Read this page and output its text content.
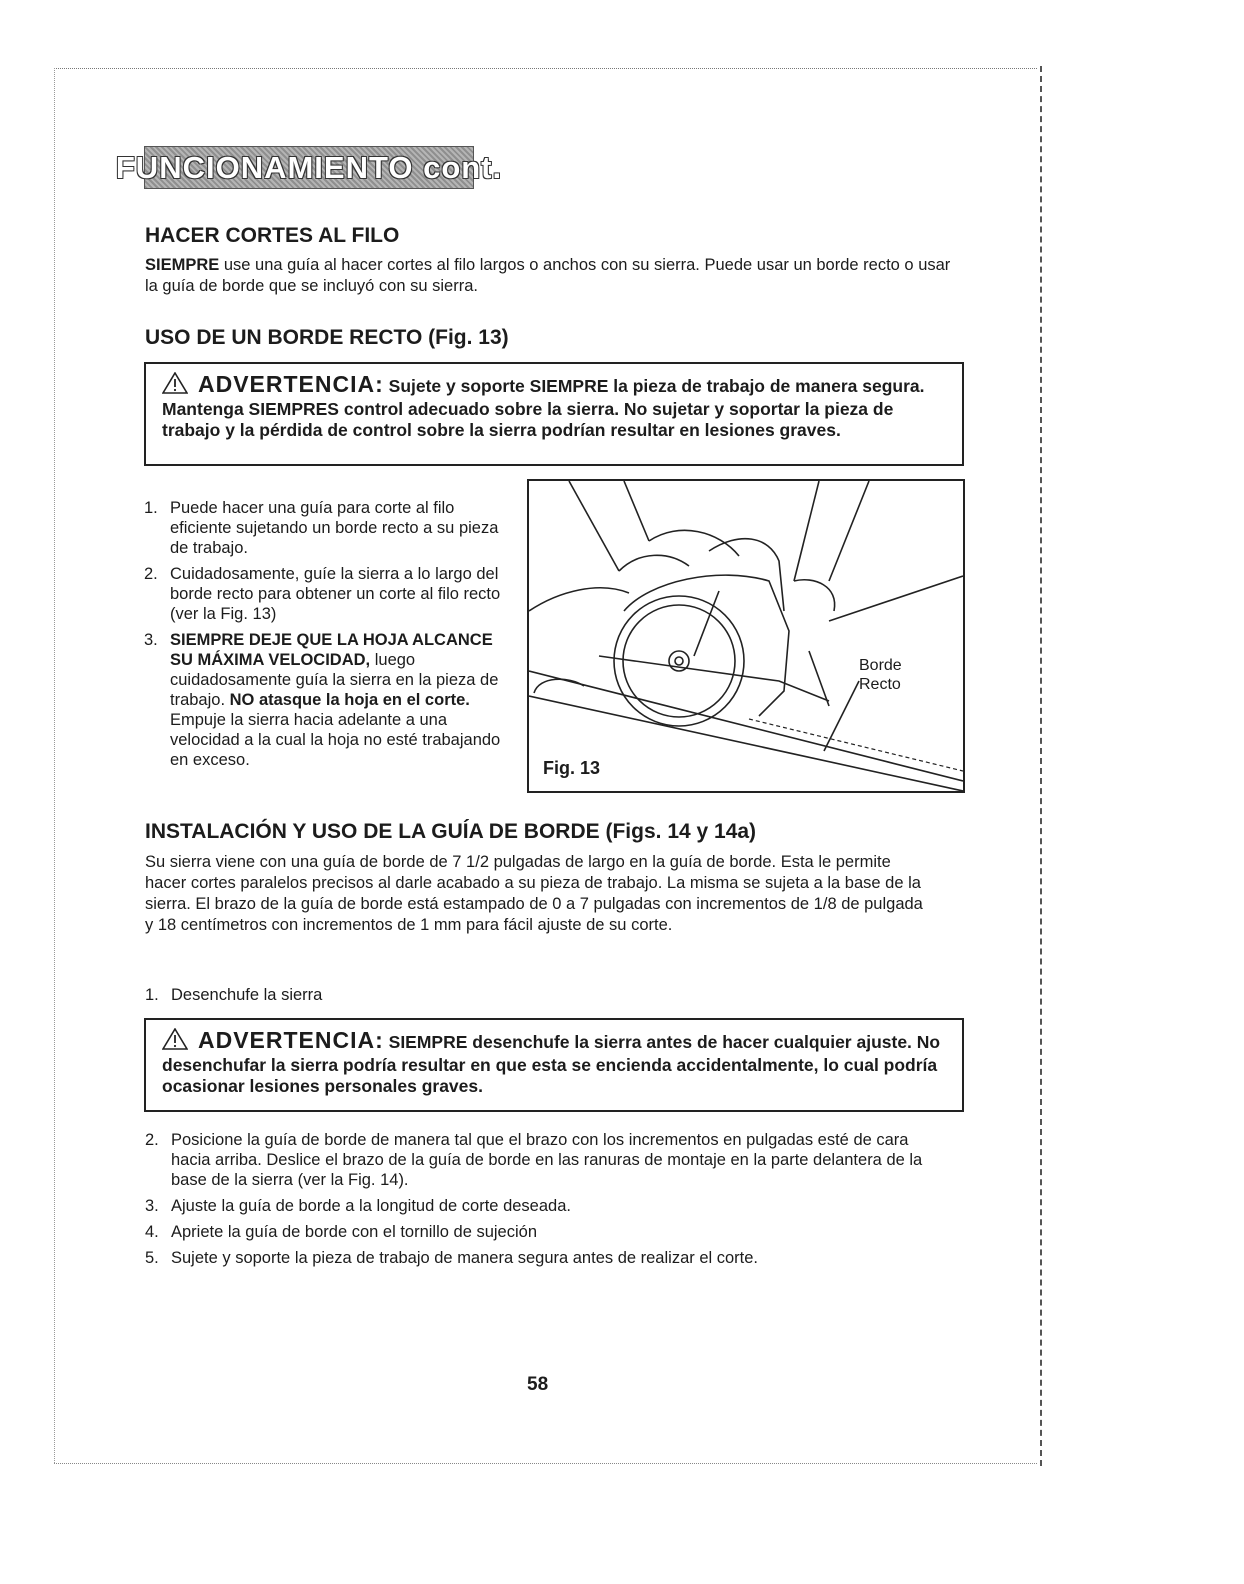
FUNCIONAMIENTO cont.
HACER CORTES AL FILO

SIEMPRE use una guía al hacer cortes al filo largos o anchos con su sierra. Puede usar un borde recto o usar la guía de borde que se incluyó con su sierra.

USO DE UN BORDE RECTO (Fig. 13)
ADVERTENCIA: Sujete y soporte SIEMPRE la pieza de trabajo de manera segura. Mantenga SIEMPRES control adecuado sobre la sierra. No sujetar y soportar la pieza de trabajo y la pérdida de control sobre la sierra podrían resultar en lesiones graves.
1. Puede hacer una guía para corte al filo eficiente sujetando un borde recto a su pieza de trabajo.
2. Cuidadosamente, guíe la sierra a lo largo del borde recto para obtener un corte al filo recto (ver la Fig. 13)
3. SIEMPRE DEJE QUE LA HOJA ALCANCE SU MÁXIMA VELOCIDAD, luego cuidadosamente guía la sierra en la pieza de trabajo. NO atasque la hoja en el corte. Empuje la sierra hacia adelante a una velocidad a la cual la hoja no esté trabajando en exceso.
Borde
Recto
Fig. 13
INSTALACIÓN Y USO DE LA GUÍA DE BORDE (Figs. 14 y 14a)

Su sierra viene con una guía de borde de 7 1/2 pulgadas de largo en la guía de borde. Esta le permite hacer cortes paralelos precisos al darle acabado a su pieza de trabajo. La misma se sujeta a la base de la sierra. El brazo de la guía de borde está estampado de 0 a 7 pulgadas con incrementos de 1/8 de pulgada y 18 centímetros con incrementos de 1 mm para fácil ajuste de su corte.

1. Desenchufe la sierra
ADVERTENCIA: SIEMPRE desenchufe la sierra antes de hacer cualquier ajuste. No desenchufar la sierra podría resultar en que esta se encienda accidentalmente, lo cual podría ocasionar lesiones personales graves.
2. Posicione la guía de borde de manera tal que el brazo con los incrementos en pulgadas esté de cara hacia arriba. Deslice el brazo de la guía de borde en las ranuras de montaje en la parte delantera de la base de la sierra (ver la Fig. 14).
3. Ajuste la guía de borde a la longitud de corte deseada.
4. Apriete la guía de borde con el tornillo de sujeción
5. Sujete y soporte la pieza de trabajo de manera segura antes de realizar el corte.
58
